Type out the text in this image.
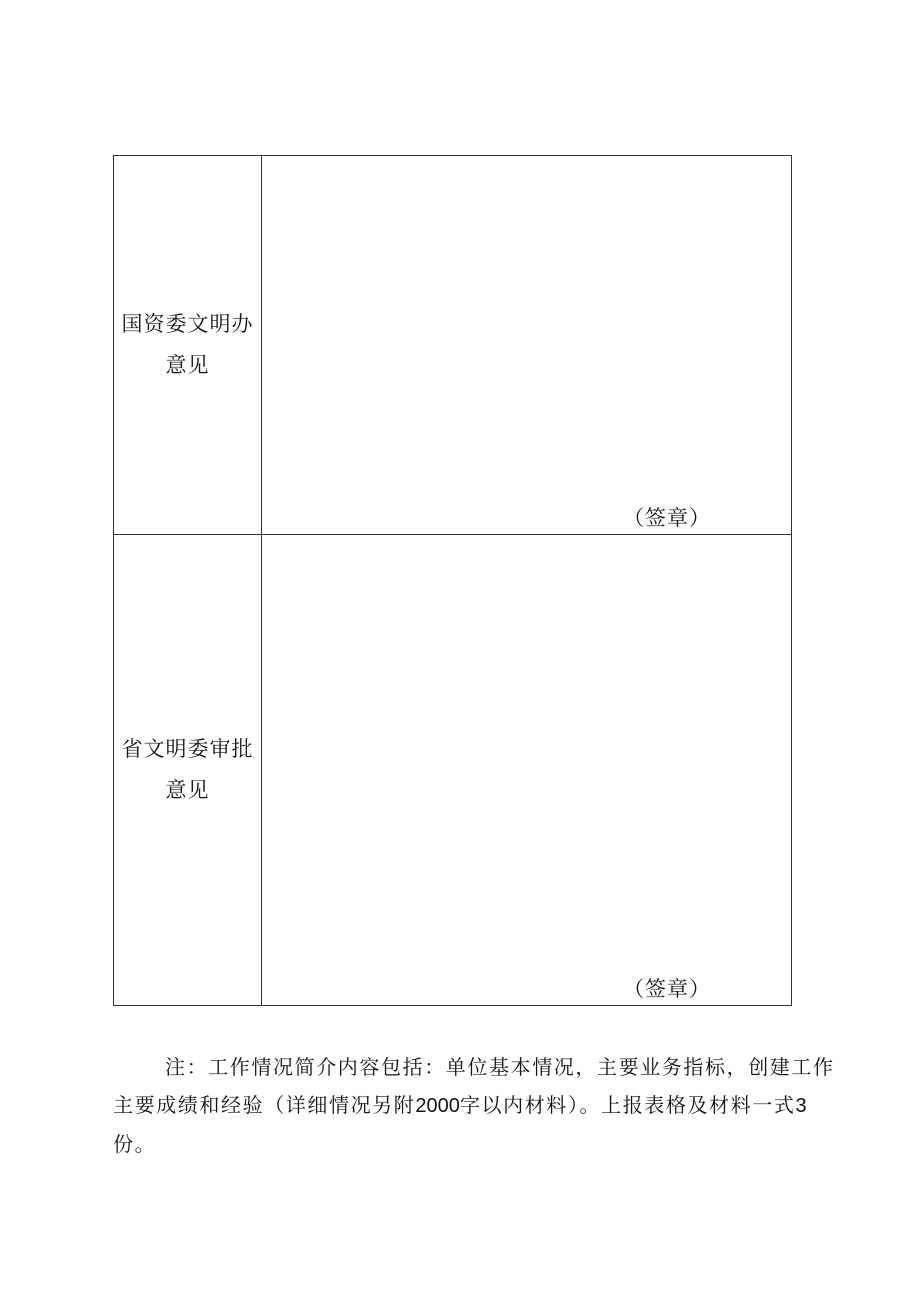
国资委文明办
意见	（签章）

省文明委审批
意见	（签章）

注：工作情况简介内容包括：单位基本情况，主要业务指标，创建工作

主要成绩和经验（详细情况另附2000字以内材料）。上报表格及材料一式3

份。
